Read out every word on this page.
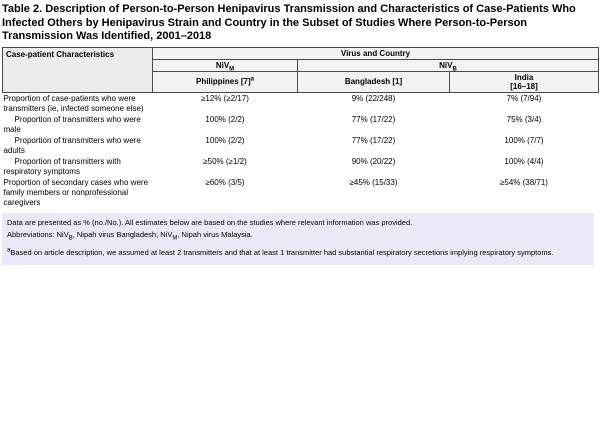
Table 2. Description of Person-to-Person Henipavirus Transmission and Characteristics of Case-Patients Who Infected Others by Henipavirus Strain and Country in the Subset of Studies Where Person-to-Person Transmission Was Identified, 2001–2018
Case-patient Characteristics	Virus and Country		
	NiV$_M$	NiV$_B$
	Philippines $[7]^a$	Bangladesh [1]	India
[16–18]

Proportion of case-patients who were transmitters (ie, infected someone else)	≥12% (≥2/17)	9% (22/248)	7% (7/94)
Proportion of transmitters who were male	100% (2/2)	77% (17/22)	75% (3/4)
Proportion of transmitters who were adults	100% (2/2)	77% (17/22)	100% (7/7)
Proportion of transmitters with respiratory symptoms	≥50% (≥1/2)	90% (20/22)	100% (4/4)
Proportion of secondary cases who were family members or nonprofessional caregivers	≥60% (3/5)	≥45% (15/33)	≥54% (38/71)
Data are presented as % (no./No.). All estimates below are based on the studies where relevant information was provided.
Abbreviations: NiV$_B$, Nipah virus Bangladesh; NiV$_M$, Nipah virus Malaysia.
$^a$Based on article description, we assumed at least 2 transmitters and that at least 1 transmitter had substantial respiratory secretions implying respiratory symptoms.
